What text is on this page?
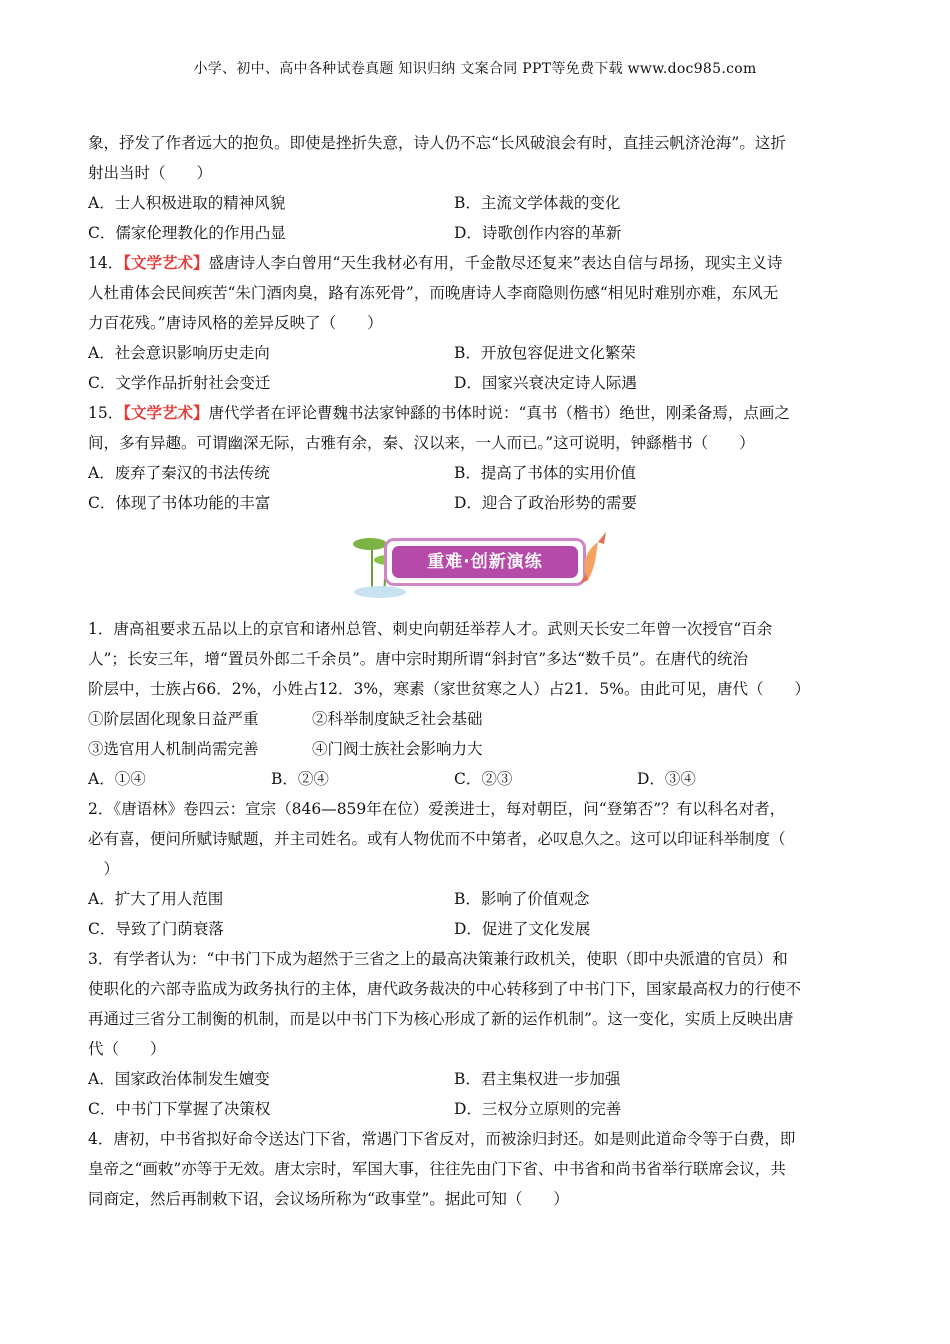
小学、初中、高中各种试卷真题 知识归纳 文案合同 PPT等免费下载 www.doc985.com
象，抒发了作者远大的抱负。即使是挫折失意，诗人仍不忘“长风破浪会有时，直挂云帆济沧海”。这折
射出当时（　　）
A．士人积极进取的精神风貌	B．主流文学体裁的变化
C．儒家伦理教化的作用凸显	D．诗歌创作内容的革新
14．【文学艺术】盛唐诗人李白曾用“天生我材必有用，千金散尽还复来”表达自信与昂扬，现实主义诗
人杜甫体会民间疾苦“朱门酒肉臭，路有冻死骨”，而晚唐诗人李商隐则伤感“相见时难别亦难，东风无
力百花残。”唐诗风格的差异反映了（　　）
A．社会意识影响历史走向	B．开放包容促进文化繁荣
C．文学作品折射社会变迁	D．国家兴衰决定诗人际遇
15．【文学艺术】唐代学者在评论曹魏书法家钟繇的书体时说：“真书（楷书）绝世，刚柔备焉，点画之
间，多有异趣。可谓幽深无际，古雅有余，秦、汉以来，一人而已。”这可说明，钟繇楷书（　　）
A．废弃了秦汉的书法传统	B．提高了书体的实用价值
C．体现了书体功能的丰富	D．迎合了政治形势的需要
重难·创新演练
1．唐高祖要求五品以上的京官和诸州总管、刺史向朝廷举荐人才。武则天长安二年曾一次授官“百余
人”；长安三年，增“置员外郎二千余员”。唐中宗时期所谓“斜封官”多达“数千员”。在唐代的统治
阶层中，士族占66．2%，小姓占12．3%，寒素（家世贫寒之人）占21．5%。由此可见，唐代（　　）
①阶层固化现象日益严重	②科举制度缺乏社会基础
③选官用人机制尚需完善	④门阀士族社会影响力大
A．①④	B．②④	C．②③	D．③④
2．《唐语林》卷四云：宣宗（846—859年在位）爱羡进士，每对朝臣，问“登第否”？有以科名对者，
必有喜，便问所赋诗赋题，并主司姓名。或有人物优而不中第者，必叹息久之。这可以印证科举制度（
　）
A．扩大了用人范围	B．影响了价值观念
C．导致了门荫衰落	D．促进了文化发展
3．有学者认为：“中书门下成为超然于三省之上的最高决策兼行政机关，使职（即中央派遣的官员）和
使职化的六部寺监成为政务执行的主体，唐代政务裁决的中心转移到了中书门下，国家最高权力的行使不
再通过三省分工制衡的机制，而是以中书门下为核心形成了新的运作机制”。这一变化，实质上反映出唐
代（　　）
A．国家政治体制发生嬗变	B．君主集权进一步加强
C．中书门下掌握了决策权	D．三权分立原则的完善
4．唐初，中书省拟好命令送达门下省，常遇门下省反对，而被涂归封还。如是则此道命令等于白费，即
皇帝之“画敕”亦等于无效。唐太宗时，军国大事，往往先由门下省、中书省和尚书省举行联席会议，共
同商定，然后再制敕下诏，会议场所称为“政事堂”。据此可知（　　）
